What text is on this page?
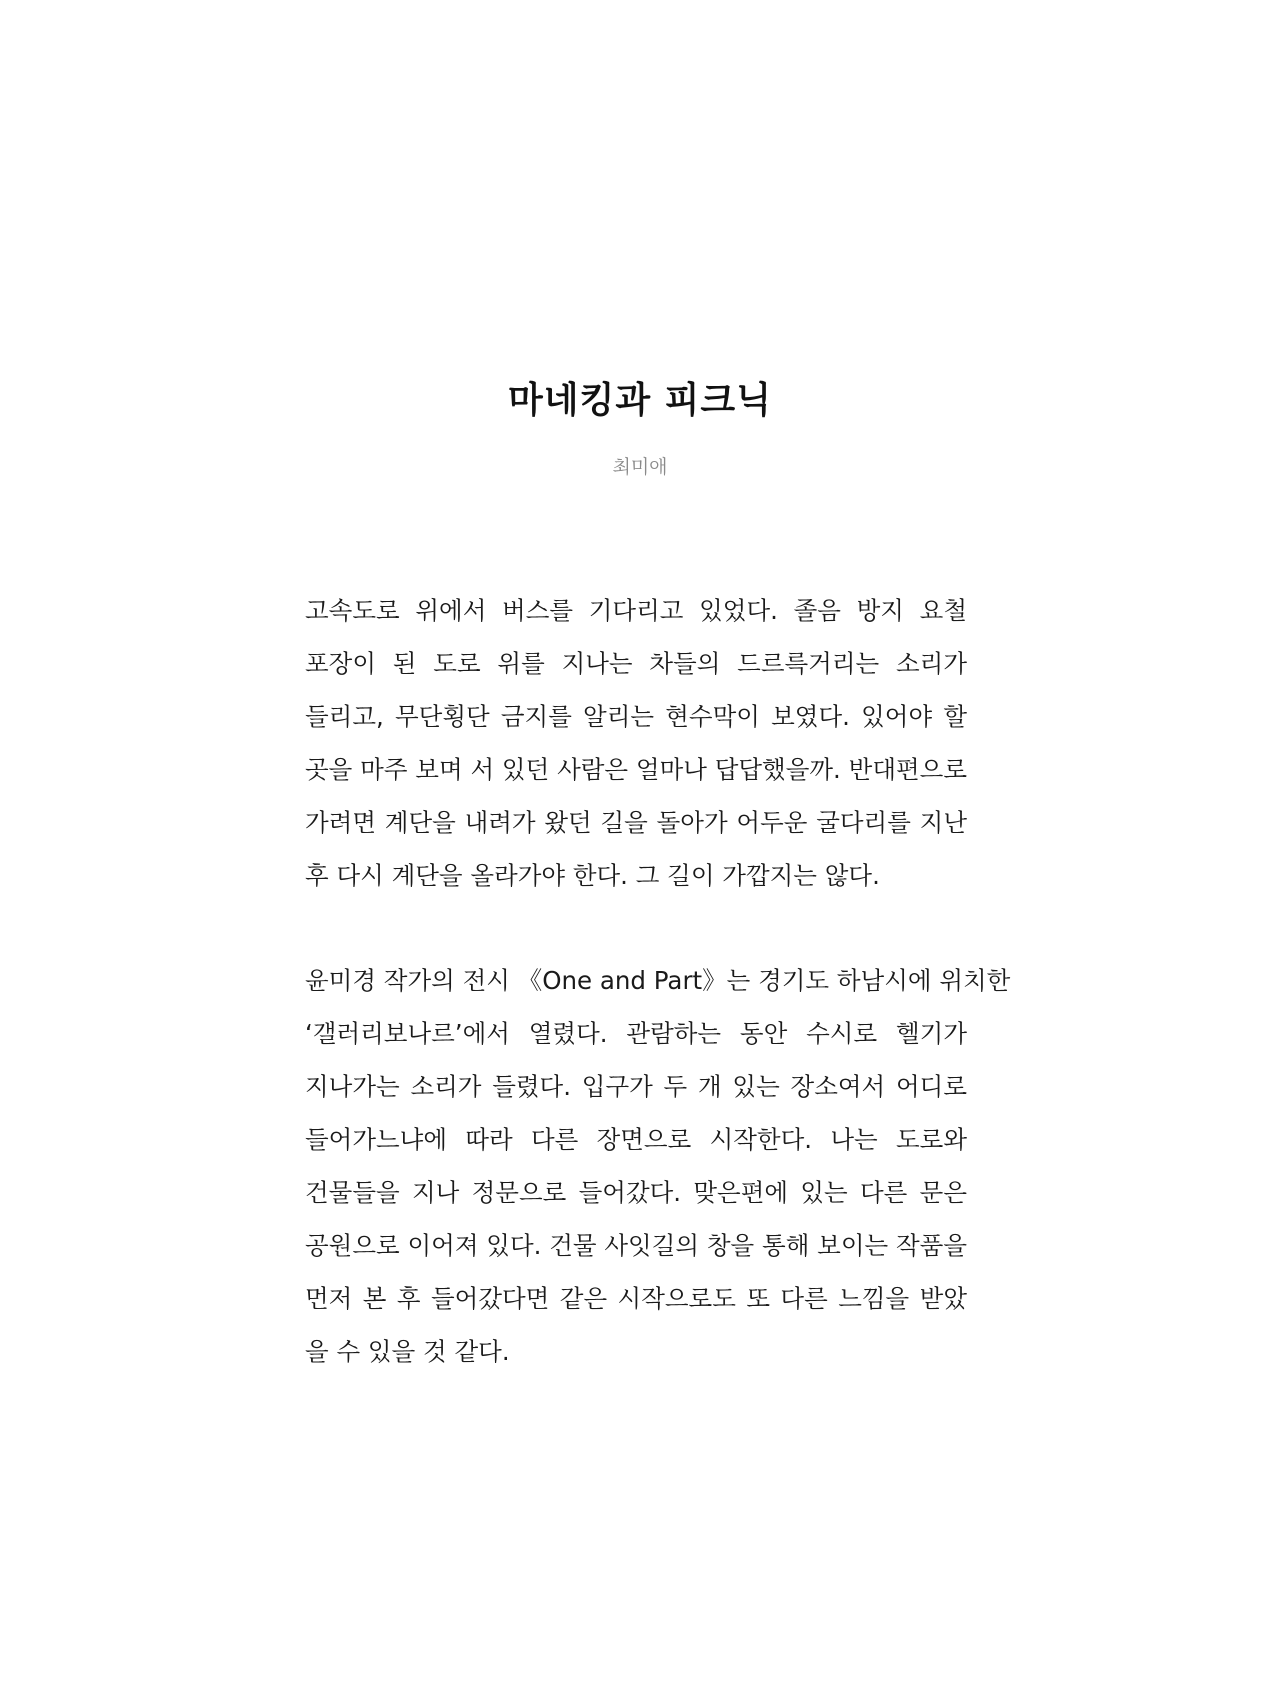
마네킹과 피크닉

최미애

고속도로 위에서 버스를 기다리고 있었다. 졸음 방지 요철
포장이 된 도로 위를 지나는 차들의 드르륵거리는 소리가
들리고, 무단횡단 금지를 알리는 현수막이 보였다. 있어야 할
곳을 마주 보며 서 있던 사람은 얼마나 답답했을까. 반대편으로
가려면 계단을 내려가 왔던 길을 돌아가 어두운 굴다리를 지난
후 다시 계단을 올라가야 한다. 그 길이 가깝지는 않다.
윤미경 작가의 전시 《One and Part》는 경기도 하남시에 위치한
‘갤러리보나르’에서 열렸다. 관람하는 동안 수시로 헬기가
지나가는 소리가 들렸다. 입구가 두 개 있는 장소여서 어디로
들어가느냐에 따라 다른 장면으로 시작한다. 나는 도로와
건물들을 지나 정문으로 들어갔다. 맞은편에 있는 다른 문은
공원으로 이어져 있다. 건물 사잇길의 창을 통해 보이는 작품을
먼저 본 후 들어갔다면 같은 시작으로도 또 다른 느낌을 받았
을 수 있을 것 같다.
